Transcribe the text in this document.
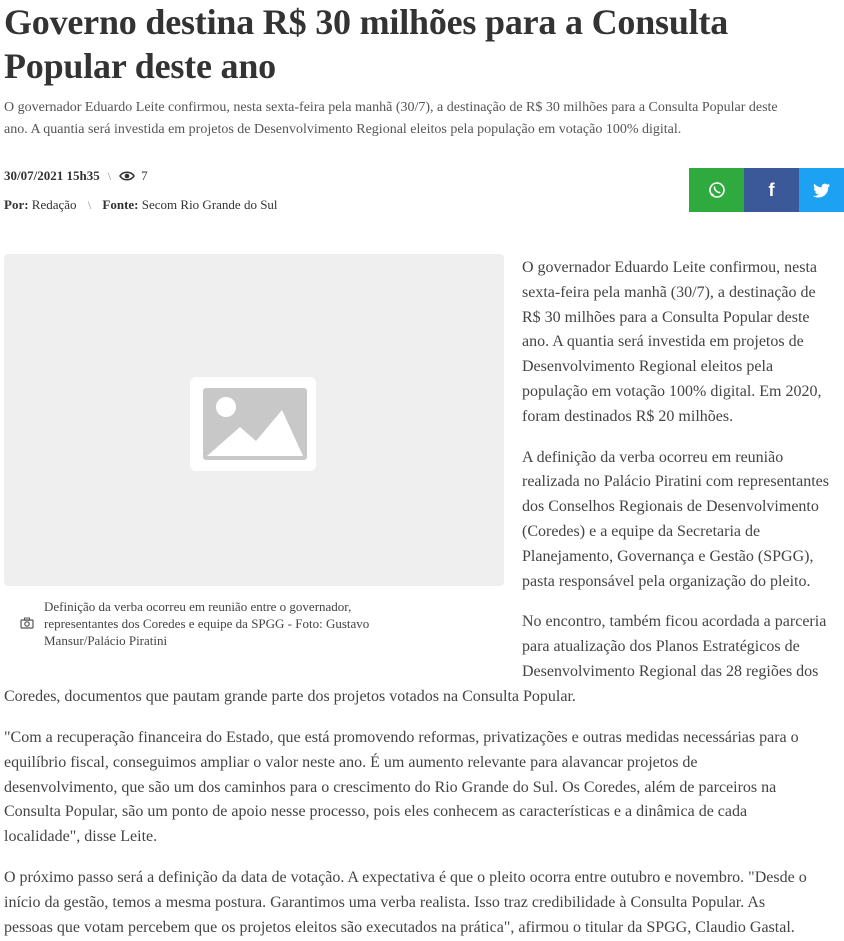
Governo destina R$ 30 milhões para a Consulta
Popular deste ano

O governador Eduardo Leite confirmou, nesta sexta-feira pela manhã (30/7), a destinação de R$ 30 milhões para a Consulta Popular deste
ano. A quantia será investida em projetos de Desenvolvimento Regional eleitos pela população em votação 100% digital.

30/07/2021 15h35 \ 7
Por: Redação \ Fonte: Secom Rio Grande do Sul
f
Definição da verba ocorreu em reunião entre o governador,
representantes dos Coredes e equipe da SPGG - Foto: Gustavo
Mansur/Palácio Piratini

O governador Eduardo Leite confirmou, nesta
sexta-feira pela manhã (30/7), a destinação de
R$ 30 milhões para a Consulta Popular deste
ano. A quantia será investida em projetos de
Desenvolvimento Regional eleitos pela
população em votação 100% digital. Em 2020,
foram destinados R$ 20 milhões.

A definição da verba ocorreu em reunião
realizada no Palácio Piratini com representantes
dos Conselhos Regionais de Desenvolvimento
(Coredes) e a equipe da Secretaria de
Planejamento, Governança e Gestão (SPGG),
pasta responsável pela organização do pleito.

No encontro, também ficou acordada a parceria
para atualização dos Planos Estratégicos de
Desenvolvimento Regional das 28 regiões dos

Coredes, documentos que pautam grande parte dos projetos votados na Consulta Popular.

"Com a recuperação financeira do Estado, que está promovendo reformas, privatizações e outras medidas necessárias para o
equilíbrio fiscal, conseguimos ampliar o valor neste ano. É um aumento relevante para alavancar projetos de
desenvolvimento, que são um dos caminhos para o crescimento do Rio Grande do Sul. Os Coredes, além de parceiros na
Consulta Popular, são um ponto de apoio nesse processo, pois eles conhecem as características e a dinâmica de cada
localidade", disse Leite.

O próximo passo será a definição da data de votação. A expectativa é que o pleito ocorra entre outubro e novembro. "Desde o
início da gestão, temos a mesma postura. Garantimos uma verba realista. Isso traz credibilidade à Consulta Popular. As
pessoas que votam percebem que os projetos eleitos são executados na prática", afirmou o titular da SPGG, Claudio Gastal.
